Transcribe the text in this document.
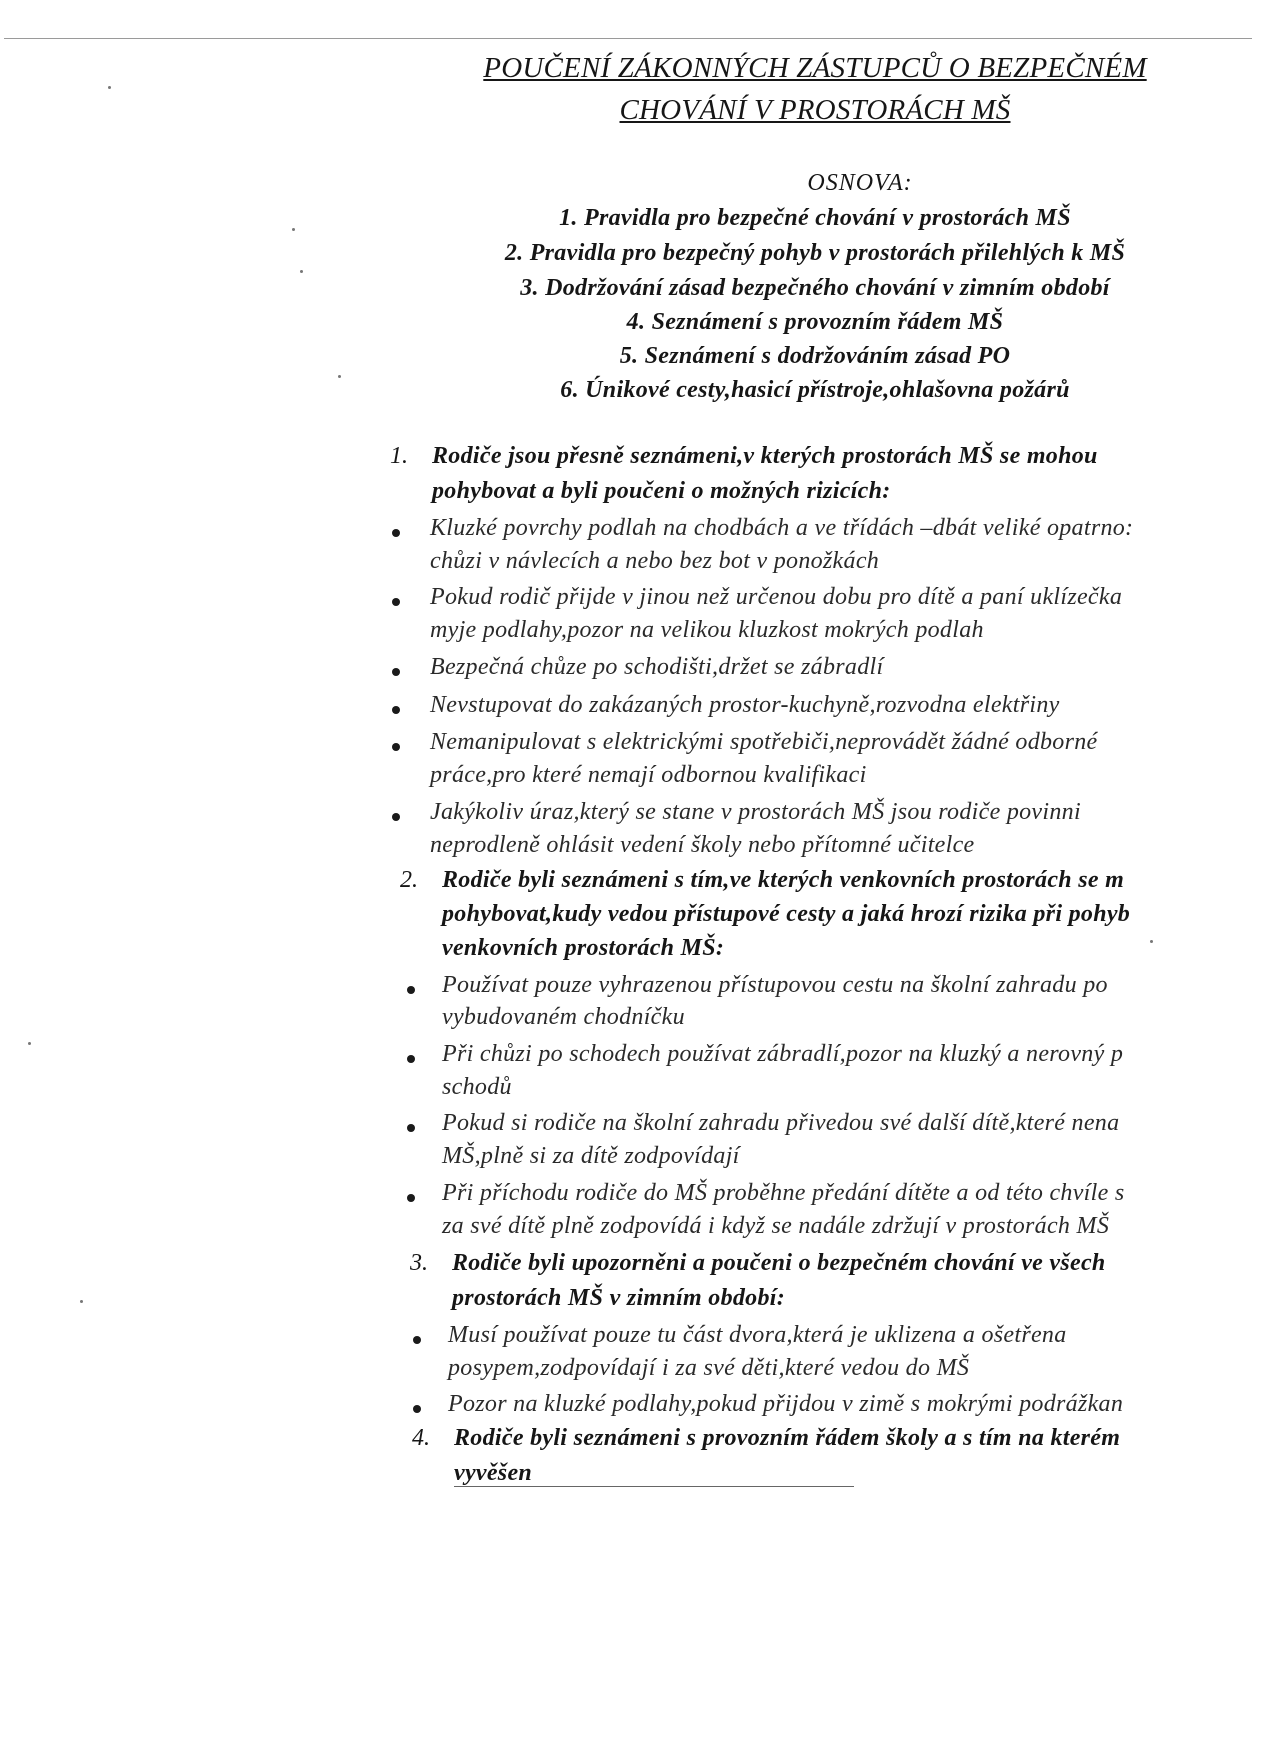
POUČENÍ ZÁKONNÝCH ZÁSTUPCŮ O BEZPEČNÉM
CHOVÁNÍ V PROSTORÁCH MŠ
OSNOVA:
1. Pravidla pro bezpečné chování v prostorách MŠ
2. Pravidla pro bezpečný pohyb v prostorách přilehlých k MŠ
3. Dodržování zásad bezpečného chování v zimním období
4. Seznámení s provozním řádem MŠ
5. Seznámení s dodržováním zásad PO
6. Únikové cesty,hasicí přístroje,ohlašovna požárů
1. Rodiče jsou přesně seznámeni,v kterých prostorách MŠ se mohou
pohybovat a byli poučeni o možných rizicích:
Kluzké povrchy podlah na chodbách a ve třídách –dbát veliké opatrno:
chůzi v návlecích a nebo bez bot v ponožkách
Pokud rodič přijde v jinou než určenou dobu pro dítě a paní uklízečka
myje podlahy,pozor na velikou kluzkost mokrých podlah
Bezpečná chůze po schodišti,držet se zábradlí
Nevstupovat do zakázaných prostor-kuchyně,rozvodna elektřiny
Nemanipulovat s elektrickými spotřebiči,neprovádět žádné odborné
práce,pro které nemají odbornou kvalifikaci
Jakýkoliv úraz,který se stane v prostorách MŠ jsou rodiče povinni
neprodleně ohlásit vedení školy nebo přítomné učitelce
2. Rodiče byli seznámeni s tím,ve kterých venkovních prostorách se m
pohybovat,kudy vedou přístupové cesty a jaká hrozí rizika při pohyb
venkovních prostorách MŠ:
Používat pouze vyhrazenou přístupovou cestu na školní zahradu po
vybudovaném chodníčku
Při chůzi po schodech používat zábradlí,pozor na kluzký a nerovný p
schodů
Pokud si rodiče na školní zahradu přivedou své další dítě,které nena
MŠ,plně si za dítě zodpovídají
Při příchodu rodiče do MŠ proběhne předání dítěte a od této chvíle s
za své dítě plně zodpovídá i když se nadále zdržují v prostorách MŠ
3. Rodiče byli upozorněni a poučeni o bezpečném chování ve všech
prostorách MŠ v zimním období:
Musí používat pouze tu část dvora,která je uklizena a ošetřena
posypem,zodpovídají i za své děti,které vedou do MŠ
Pozor na kluzké podlahy,pokud přijdou v zimě s mokrými podrážkan
4. Rodiče byli seznámeni s provozním řádem školy a s tím na kterém
vyvěšen
